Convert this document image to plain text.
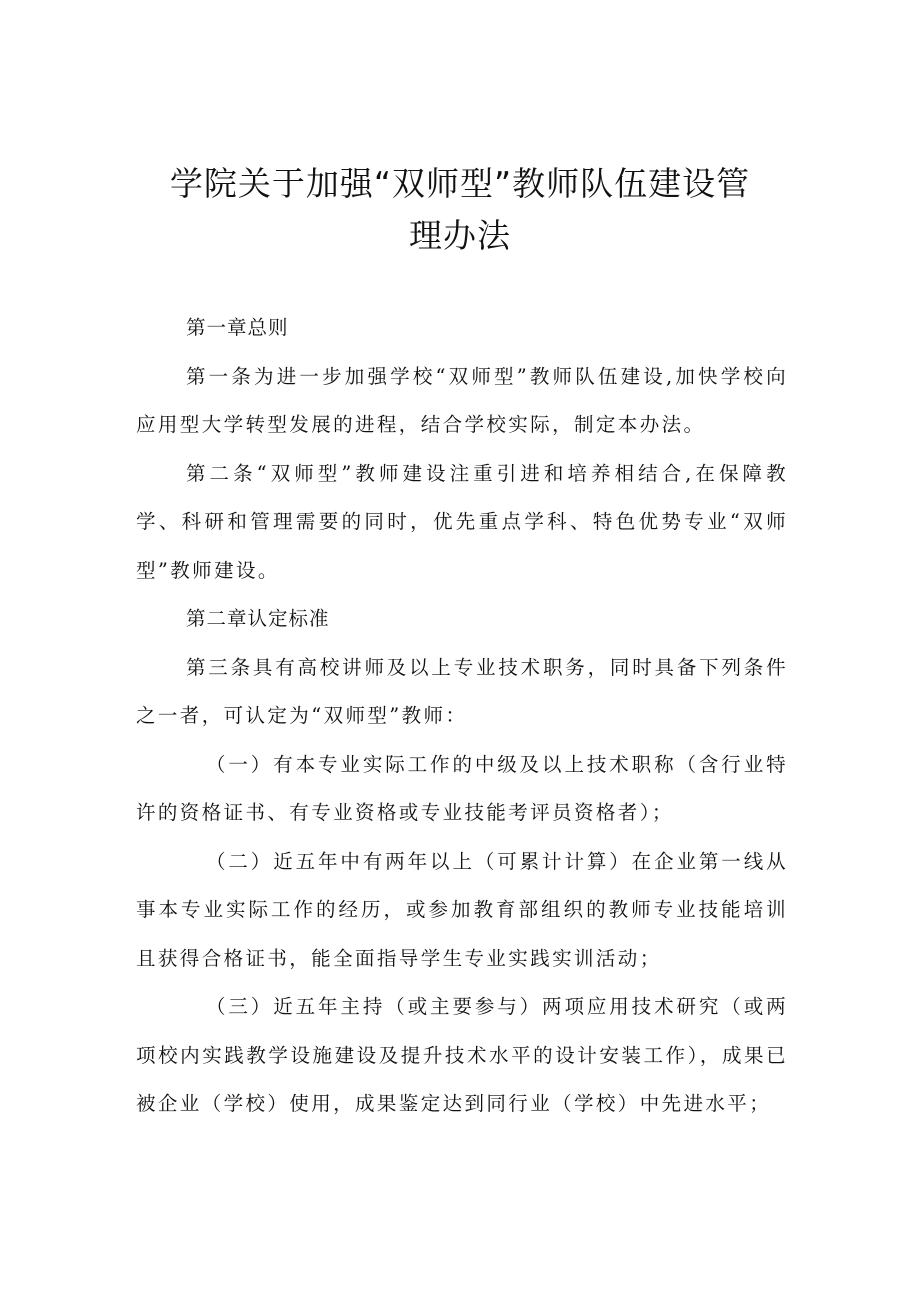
学院关于加强“双师型”教师队伍建设管
理办法

第一章总则

第一条为进一步加强学校“双师型”教师队伍建设,加快学校向应用型大学转型发展的进程，结合学校实际，制定本办法。

第二条“双师型”教师建设注重引进和培养相结合,在保障教学、科研和管理需要的同时，优先重点学科、特色优势专业“双师型”教师建设。

第二章认定标准

第三条具有高校讲师及以上专业技术职务，同时具备下列条件之一者，可认定为“双师型”教师：

（一）有本专业实际工作的中级及以上技术职称（含行业特许的资格证书、有专业资格或专业技能考评员资格者）；

（二）近五年中有两年以上（可累计计算）在企业第一线从事本专业实际工作的经历，或参加教育部组织的教师专业技能培训且获得合格证书，能全面指导学生专业实践实训活动；

（三）近五年主持（或主要参与）两项应用技术研究（或两项校内实践教学设施建设及提升技术水平的设计安装工作），成果已被企业（学校）使用，成果鉴定达到同行业（学校）中先进水平；
